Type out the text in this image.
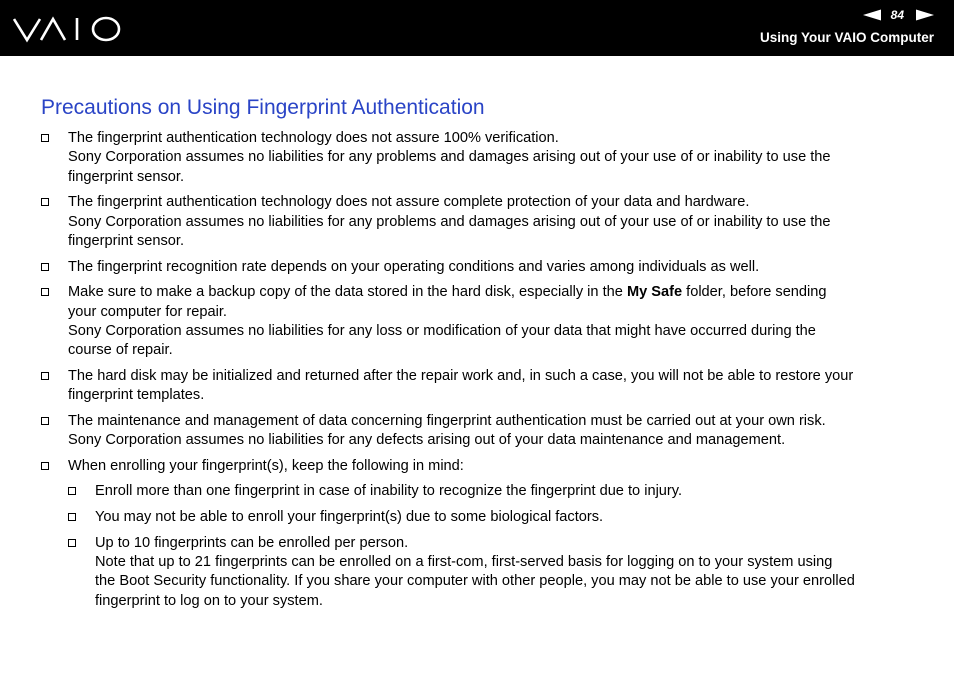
84
Using Your VAIO Computer
Precautions on Using Fingerprint Authentication
The fingerprint authentication technology does not assure 100% verification.
Sony Corporation assumes no liabilities for any problems and damages arising out of your use of or inability to use the
fingerprint sensor.
The fingerprint authentication technology does not assure complete protection of your data and hardware.
Sony Corporation assumes no liabilities for any problems and damages arising out of your use of or inability to use the
fingerprint sensor.
The fingerprint recognition rate depends on your operating conditions and varies among individuals as well.
Make sure to make a backup copy of the data stored in the hard disk, especially in the My Safe folder, before sending
your computer for repair.
Sony Corporation assumes no liabilities for any loss or modification of your data that might have occurred during the
course of repair.
The hard disk may be initialized and returned after the repair work and, in such a case, you will not be able to restore your
fingerprint templates.
The maintenance and management of data concerning fingerprint authentication must be carried out at your own risk.
Sony Corporation assumes no liabilities for any defects arising out of your data maintenance and management.
When enrolling your fingerprint(s), keep the following in mind:
Enroll more than one fingerprint in case of inability to recognize the fingerprint due to injury.
You may not be able to enroll your fingerprint(s) due to some biological factors.
Up to 10 fingerprints can be enrolled per person.
Note that up to 21 fingerprints can be enrolled on a first-com, first-served basis for logging on to your system using
the Boot Security functionality. If you share your computer with other people, you may not be able to use your enrolled
fingerprint to log on to your system.
